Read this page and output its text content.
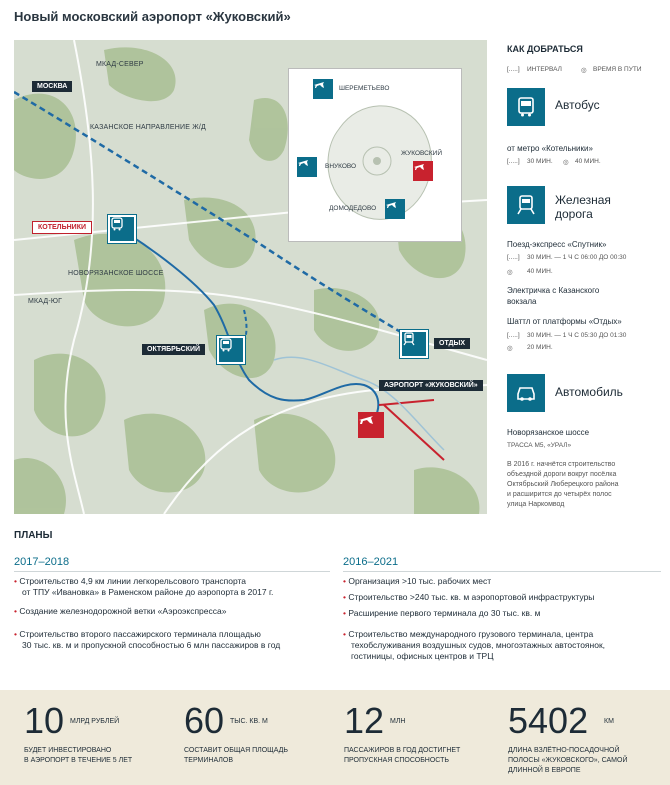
Новый московский аэропорт «Жуковский»
МКАД-СЕВЕР
МОСКВА
КАЗАНСКОЕ НАПРАВЛЕНИЕ Ж/Д
КОТЕЛЬНИКИ
НОВОРЯЗАНСКОЕ ШОССЕ
МКАД-ЮГ
ОКТЯБРЬСКИЙ
ОТДЫХ
АЭРОПОРТ «ЖУКОВСКИЙ»
ШЕРЕМЕТЬЕВО
ЖУКОВСКИЙ
ВНУКОВО
ДОМОДЕДОВО
КАК ДОБРАТЬСЯ
[.....] ИНТЕРВАЛ	◎ ВРЕМЯ В ПУТИ
Автобус
от метро «Котельники»
[.....] 30 МИН. ◎ 40 МИН.
Железная
дорога
Поезд-экспресс «Спутник»
[.....] 30 МИН. — 1 Ч С 06:00 ДО 00:30
◎ 40 МИН.
Электричка с Казанского
вокзала
Шаттл от платформы «Отдых»
[.....] 30 МИН. — 1 Ч С 05:30 ДО 01:30
◎ 20 МИН.
Автомобиль
Новорязанское шоссе
ТРАССА М5, «УРАЛ»
В 2016 г. начнётся строительство
объездной дороги вокруг посёлка
Октябрьский Люберецкого района
и расширится до четырёх полос
улица Наркомвод
ПЛАНЫ
2017–2018
• Строительство 4,9 км линии легкорельсового транспорта
от ТПУ «Ивановка» в Раменском районе до аэропорта в 2017 г.
• Создание железнодорожной ветки «Аэроэкспресса»
• Строительство второго пассажирского терминала площадью
30 тыс. кв. м и пропускной способностью 6 млн пассажиров в год
2016–2021
• Организация >10 тыс. рабочих мест
• Строительство >240 тыс. кв. м аэропортовой инфраструктуры
• Расширение первого терминала до 30 тыс. кв. м
• Строительство международного грузового терминала, центра
техобслуживания воздушных судов, многоэтажных автостоянок,
гостиницы, офисных центров и ТРЦ
10 МЛРД РУБЛЕЙ
БУДЕТ ИНВЕСТИРОВАНО
В АЭРОПОРТ В ТЕЧЕНИЕ 5 ЛЕТ
60 ТЫС. КВ. М
СОСТАВИТ ОБЩАЯ ПЛОЩАДЬ
ТЕРМИНАЛОВ
12 МЛН
ПАССАЖИРОВ В ГОД ДОСТИГНЕТ
ПРОПУСКНАЯ СПОСОБНОСТЬ
5402 КМ
ДЛИНА ВЗЛЁТНО-ПОСАДОЧНОЙ
ПОЛОСЫ «ЖУКОВСКОГО», САМОЙ
ДЛИННОЙ В ЕВРОПЕ
